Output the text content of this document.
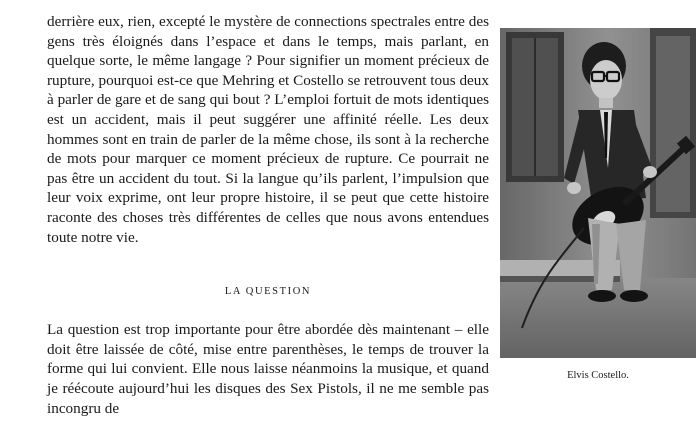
derrière eux, rien, excepté le mystère de connections spectrales entre des gens très éloignés dans l’espace et dans le temps, mais parlant, en quelque sorte, le même langage ? Pour signifier un moment précieux de rupture, pourquoi est-ce que Mehring et Costello se retrouvent tous deux à parler de gare et de sang qui bout ? L’emploi fortuit de mots identiques est un accident, mais il peut suggérer une affinité réelle. Les deux hommes sont en train de parler de la même chose, ils sont à la recherche de mots pour marquer ce moment précieux de rupture. Ce pourrait ne pas être un accident du tout. Si la langue qu’ils parlent, l’impulsion que leur voix exprime, ont leur propre histoire, il se peut que cette histoire raconte des choses très différentes de celles que nous avons entendues toute notre vie.

LA QUESTION

La question est trop importante pour être abordée dès maintenant – elle doit être laissée de côté, mise entre parenthèses, le temps de trouver la forme qui lui convient. Elle nous laisse néanmoins la musique, et quand je réécoute aujourd’hui les disques des Sex Pistols, il ne me semble pas incongru de

Elvis Costello.
